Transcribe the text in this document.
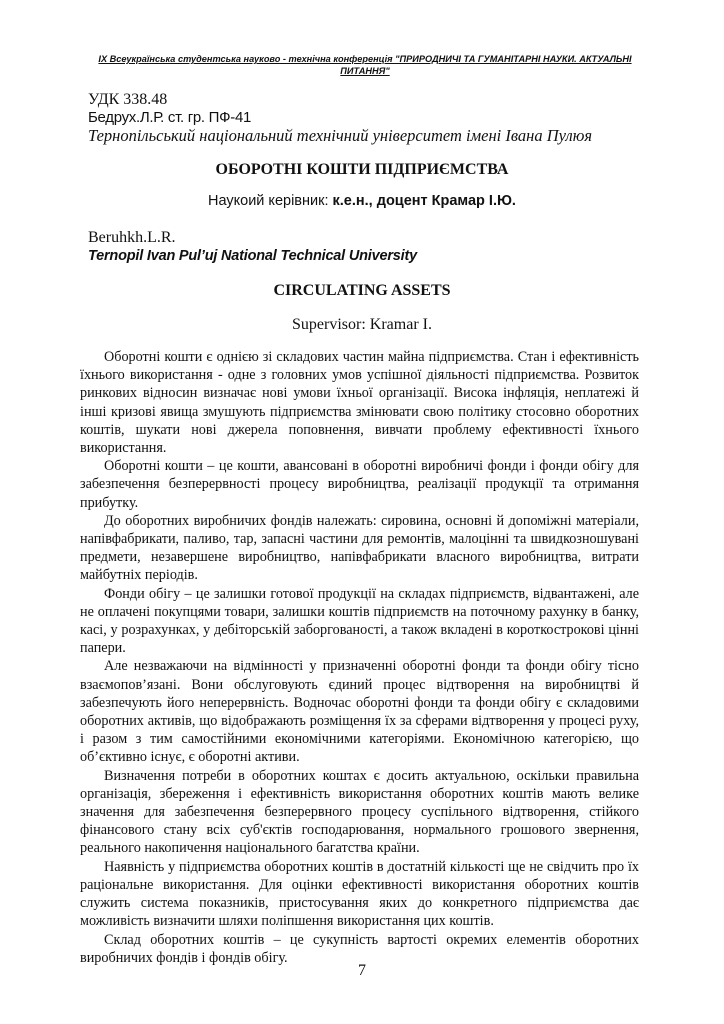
IX Всеукраїнська студентська науково - технічна конференція "ПРИРОДНИЧІ ТА ГУМАНІТАРНІ НАУКИ. АКТУАЛЬНІ ПИТАННЯ"
УДК 338.48
Бедрух.Л.Р. ст. гр. ПФ-41
Тернопільський національний технічний університет імені Івана Пулюя
ОБОРОТНІ КОШТИ ПІДПРИЄМСТВА
Наукоий керівник: к.е.н., доцент Крамар І.Ю.
Beruhkh.L.R.
Ternopil Ivan Pul’uj National Technical University
CIRCULATING ASSETS
Supervisor: Kramar I.

Оборотні кошти є однією зі складових частин майна підприємства. Стан і ефективність їхнього використання - одне з головних умов успішної діяльності підприємства. Розвиток ринкових відносин визначає нові умови їхньої організації. Висока інфляція, неплатежі й інші кризові явища змушують підприємства змінювати свою політику стосовно оборотних коштів, шукати нові джерела поповнення, вивчати проблему ефективності їхнього використання.

Оборотні кошти – це кошти, авансовані в оборотні виробничі фонди і фонди обігу для забезпечення безперервності процесу виробництва, реалізації продукції та отримання прибутку.

До оборотних виробничих фондів належать: сировина, основні й допоміжні матеріали, напівфабрикати, паливо, тар, запасні частини для ремонтів, малоцінні та швидкозношувані предмети, незавершене виробництво, напівфабрикати власного виробництва, витрати майбутніх періодів.

Фонди обігу – це залишки готової продукції на складах підприємств, відвантажені, але не оплачені покупцями товари, залишки коштів підприємств на поточному рахунку в банку, касі, у розрахунках, у дебіторській заборгованості, а також вкладені в короткострокові цінні папери.

Але незважаючи на відмінності у призначенні оборотні фонди та фонди обігу тісно взаємопов’язані. Вони обслуговують єдиний процес відтворення на виробництві й забезпечують його неперервність. Водночас оборотні фонди та фонди обігу є складовими оборотних активів, що відображають розміщення їх за сферами відтворення у процесі руху, і разом з тим самостійними економічними категоріями. Економічною категорією, що об’єктивно існує, є оборотні активи.

Визначення потреби в оборотних коштах є досить актуальною, оскільки правильна організація, збереження і ефективність використання оборотних коштів мають велике значення для забезпечення безперервного процесу суспільного відтворення, стійкого фінансового стану всіх суб'єктів господарювання, нормального грошового звернення, реального накопичення національного багатства країни.

Наявність у підприємства оборотних коштів в достатній кількості ще не свідчить про їх раціональне використання. Для оцінки ефективності використання оборотних коштів служить система показників, пристосування яких до конкретного підприємства дає можливість визначити шляхи поліпшення використання цих коштів.

Склад оборотних коштів – це сукупність вартості окремих елементів оборотних виробничих фондів і фондів обігу.

7
